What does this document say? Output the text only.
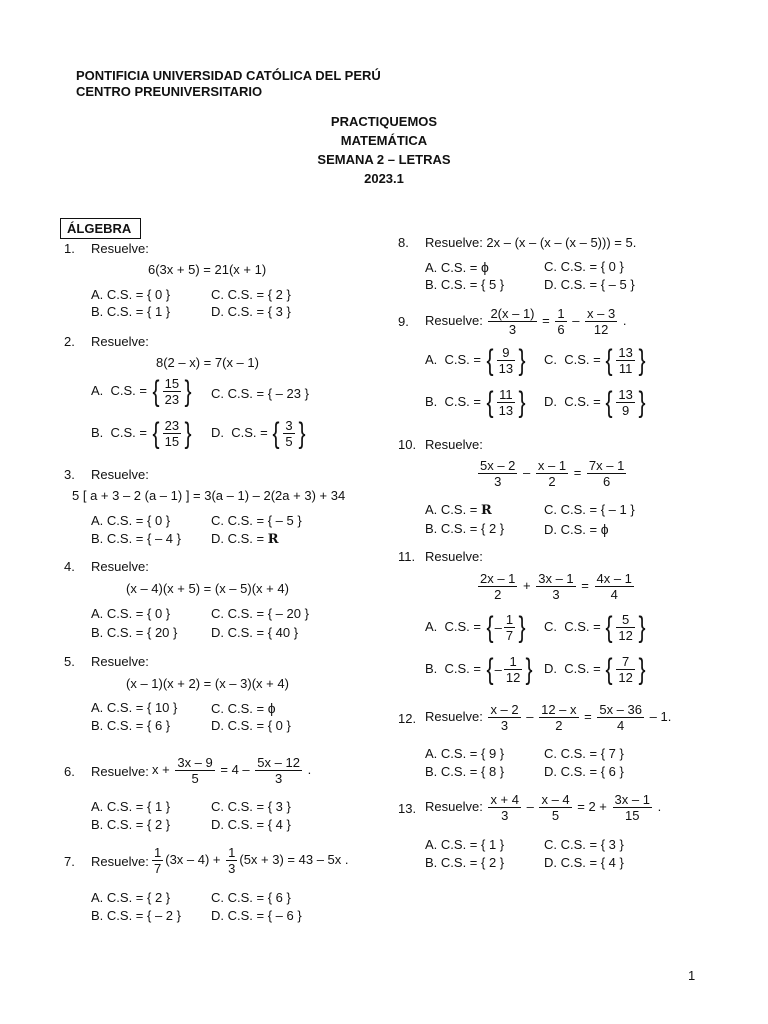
PONTIFICIA UNIVERSIDAD CATÓLICA DEL PERÚ
CENTRO PREUNIVERSITARIO
PRACTIQUEMOS
MATEMÁTICA
SEMANA 2 – LETRAS
2023.1
ÁLGEBRA
1. Resuelve:
6(3x + 5) = 21(x + 1)
A. C.S. = { 0 }	C. C.S. = { 2 }
B. C.S. = { 1 }	D. C.S. = { 3 }
2. Resuelve:
8(2 – x) = 7(x – 1)
A.  C.S. = { $\frac{15}{23}$ } C. C.S. = { – 23 }
B.  C.S. = { $\frac{23}{15}$ } D.  C.S. = { $\frac{3}{5}$ }
3. Resuelve:
5 [ a + 3 – 2 (a – 1) ] = 3(a – 1) – 2(2a + 3) + 34
A. C.S. = { 0 }	C. C.S. = { – 5 }
B. C.S. = { – 4 } D. C.S. = R
4. Resuelve:
(x – 4)(x + 5) = (x – 5)(x + 4)
A. C.S. = { 0 }	C. C.S. = { – 20 }
B. C.S. = { 20 }	D. C.S. = { 40 }
5. Resuelve:
(x – 1)(x + 2) = (x – 3)(x + 4)
A. C.S. = { 10 }	C. C.S. = ϕ
B. C.S. = { 6 }	D. C.S. = { 0 }
6. Resuelve: $x + \frac{3x - 9}{5} = 4 - \frac{5x - 12}{3}$ .
A. C.S. = { 1 }	C. C.S. = { 3 }
B. C.S. = { 2 }	D. C.S. = { 4 }
7. Resuelve: $\frac{1}{7} (3x - 4) + \frac{1}{3} (5x + 3) = 43 - 5x$ .
A. C.S. = { 2 }	C. C.S. = { 6 }
B. C.S. = { – 2 } D. C.S. = { – 6 }
8. Resuelve: 2x – (x – (x – (x – 5))) = 5.
A. C.S. = ϕ	C. C.S. = { 0 }
B. C.S. = { 5 }	D. C.S. = { – 5 }
9. Resuelve: $\frac{2(x - 1)}{3} = \frac{1}{6} - \frac{x - 3}{12}$ .
A.  C.S. = { $\frac{9}{13}$ } C.  C.S. = { $\frac{13}{11}$ }
B.  C.S. = { $\frac{11}{13}$ } D.  C.S. = { $\frac{13}{9}$ }
10. Resuelve:
$\frac{5x - 2}{3} - \frac{x - 1}{2} = \frac{7x - 1}{6}$
A. C.S. = R	C. C.S. = { – 1 }
B. C.S. = { 2 }	D. C.S. = ϕ
11. Resuelve:
$\frac{2x - 1}{2} + \frac{3x - 1}{3} = \frac{4x - 1}{4}$
A.  C.S. = { – $\frac{1}{7}$ } C.  C.S. = { $\frac{5}{12}$ }
B.  C.S. = { – $\frac{1}{12}$ } D.  C.S. = { $\frac{7}{12}$ }
12. Resuelve: $\frac{x - 2}{3} - \frac{12 - x}{2} = \frac{5x - 36}{4} - 1$.
A. C.S. = { 9 }	C. C.S. = { 7 }
B. C.S. = { 8 }	D. C.S. = { 6 }
13. Resuelve: $\frac{x + 4}{3} - \frac{x - 4}{5} = 2 + \frac{3x - 1}{15}$ .
A. C.S. = { 1 }	C. C.S. = { 3 }
B. C.S. = { 2 }	D. C.S. = { 4 }
1
